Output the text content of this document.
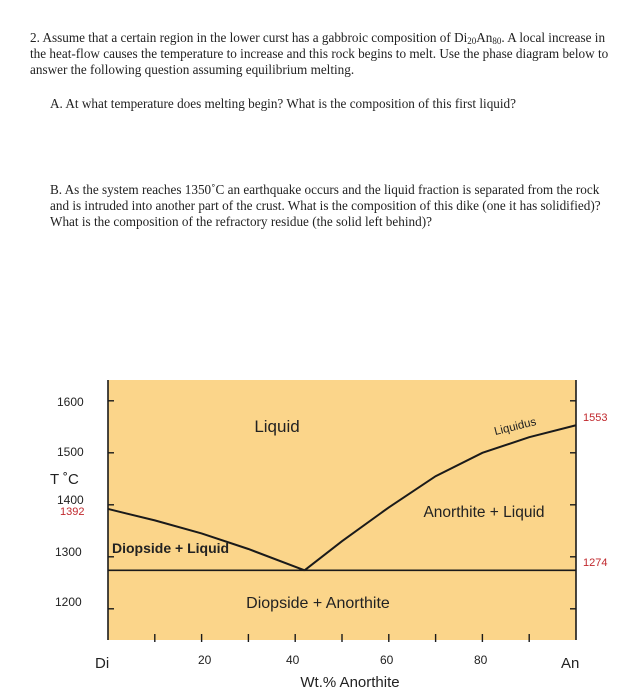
2. Assume that a certain region in the lower curst has a gabbroic composition of $Di_{20}An_{80}$. A local increase in the heat-flow causes the temperature to increase and this rock begins to melt. Use the phase diagram below to answer the following question assuming equilibrium melting.

A. At what temperature does melting begin? What is the composition of this first liquid?

B. As the system reaches 1350˚C an earthquake occurs and the liquid fraction is separated from the rock and is intruded into another part of the crust. What is the composition of this dike (one it has solidified)? What is the composition of the refractory residue (the solid left behind)?

Liquid	Liquidus
Anorthite + Liquid
Diopside + Liquid
Diopside + Anorthite
1600
1500
1400
1300
1200
T ˚C
1392
1553
1274
Di	An
20	40	60	80
Wt.% Anorthite
